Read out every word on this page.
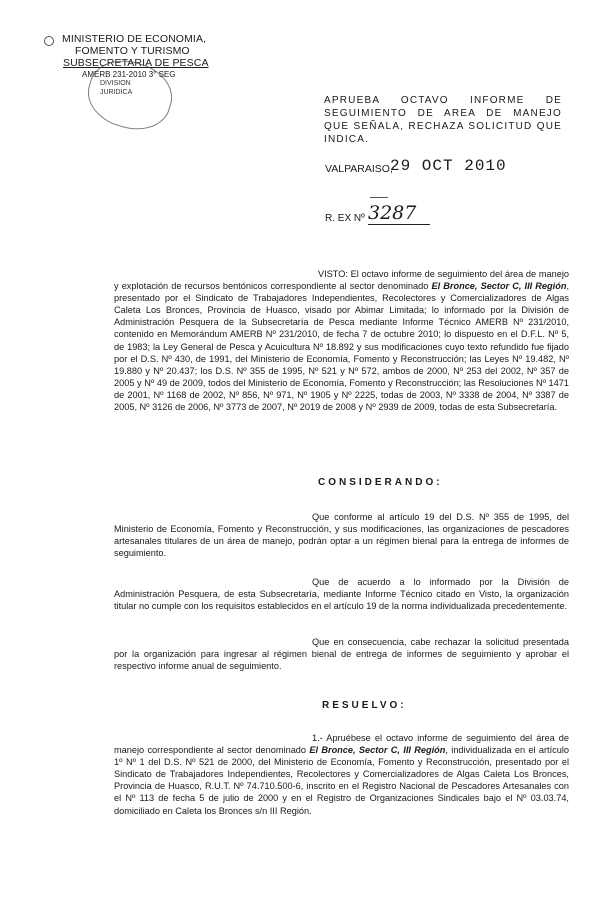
MINISTERIO DE ECONOMIA,
FOMENTO Y TURISMO
SUBSECRETARIA DE PESCA
AMERB 231-2010 3° SEG
DIVISION
JURIDICA
APRUEBA OCTAVO INFORME DE SEGUIMIENTO DE AREA DE MANEJO QUE SEÑALA, RECHAZA SOLICITUD QUE INDICA.
VALPARAISO,
29 OCT 2010
R. EX Nº 3287
VISTO: El octavo informe de seguimiento del área de manejo y explotación de recursos bentónicos correspondiente al sector denominado El Bronce, Sector C, III Región, presentado por el Sindicato de Trabajadores Independientes, Recolectores y Comercializadores de Algas Caleta Los Bronces, Provincia de Huasco, visado por Abimar Limitada; lo informado por la División de Administración Pesquera de la Subsecretaría de Pesca mediante Informe Técnico AMERB Nº 231/2010, contenido en Memorándum AMERB Nº 231/2010, de fecha 7 de octubre 2010; lo dispuesto en el D.F.L. Nº 5, de 1983; la Ley General de Pesca y Acuicultura Nº 18.892 y sus modificaciones cuyo texto refundido fue fijado por el D.S. Nº 430, de 1991, del Ministerio de Economía, Fomento y Reconstrucción; las Leyes Nº 19.482, Nº 19.880 y Nº 20.437; los D.S. Nº 355 de 1995, Nº 521 y Nº 572, ambos de 2000, Nº 253 del 2002, Nº 357 de 2005 y Nº 49 de 2009, todos del Ministerio de Economía, Fomento y Reconstrucción; las Resoluciones Nº 1471 de 2001, Nº 1168 de 2002, Nº 856, Nº 971, Nº 1905 y Nº 2225, todas de 2003, Nº 3338 de 2004, Nº 3387 de 2005, Nº 3126 de 2006, Nº 3773 de 2007, Nº 2019 de 2008 y Nº 2939 de 2009, todas de esta Subsecretaría.
CONSIDERANDO:
Que conforme al artículo 19 del D.S. Nº 355 de 1995, del Ministerio de Economía, Fomento y Reconstrucción, y sus modificaciones, las organizaciones de pescadores artesanales titulares de un área de manejo, podrán optar a un régimen bienal para la entrega de informes de seguimiento.
Que de acuerdo a lo informado por la División de Administración Pesquera, de esta Subsecretaría, mediante Informe Técnico citado en Visto, la organización titular no cumple con los requisitos establecidos en el artículo 19 de la norma individualizada precedentemente.
Que en consecuencia, cabe rechazar la solicitud presentada por la organización para ingresar al régimen bienal de entrega de informes de seguimiento y aprobar el respectivo informe anual de seguimiento.
RESUELVO:
1.- Apruébese el octavo informe de seguimiento del área de manejo correspondiente al sector denominado El Bronce, Sector C, III Región, individualizada en el artículo 1º Nº 1 del D.S. Nº 521 de 2000, del Ministerio de Economía, Fomento y Reconstrucción, presentado por el Sindicato de Trabajadores Independientes, Recolectores y Comercializadores de Algas Caleta Los Bronces, Provincia de Huasco, R.U.T. Nº 74.710.500-6, inscrito en el Registro Nacional de Pescadores Artesanales con el Nº 113 de fecha 5 de julio de 2000 y en el Registro de Organizaciones Sindicales bajo el Nº 03.03.74, domiciliado en Caleta los Bronces s/n III Región.
